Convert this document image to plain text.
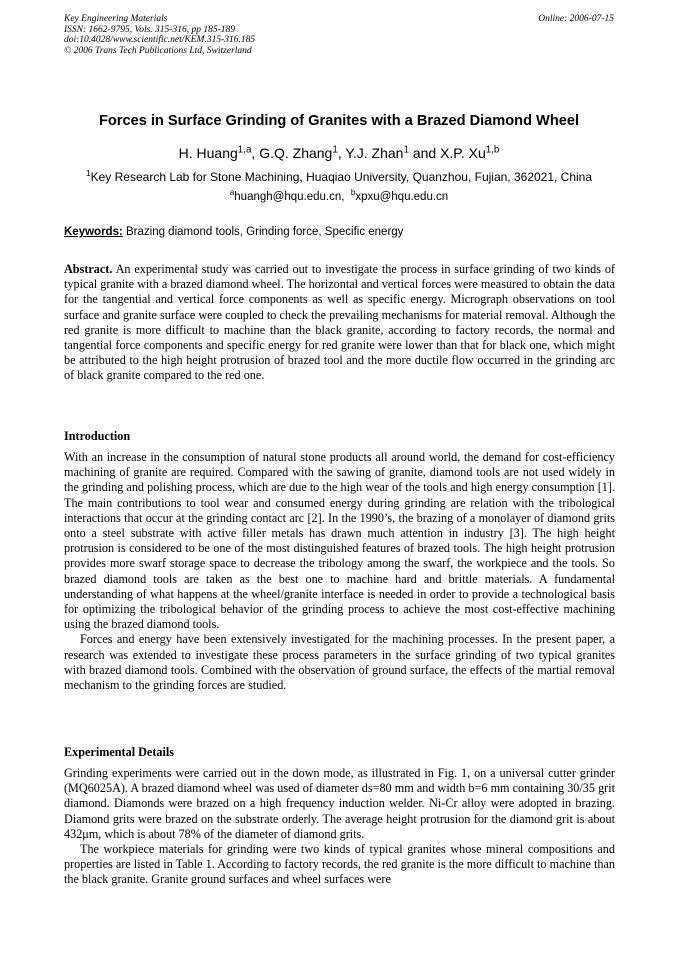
Key Engineering Materials
ISSN: 1662-9795, Vols. 315-316, pp 185-189
doi:10.4028/www.scientific.net/KEM.315-316.185
© 2006 Trans Tech Publications Ltd, Switzerland
Online: 2006-07-15
Forces in Surface Grinding of Granites with a Brazed Diamond Wheel
H. Huang$^{1,a}$, G.Q. Zhang$^1$, Y.J. Zhan$^1$ and X.P. Xu$^{1,b}$
$^1$Key Research Lab for Stone Machining, Huaqiao University, Quanzhou, Fujian, 362021, China
$^a$huangh@hqu.edu.cn, $^b$xpxu@hqu.edu.cn
Keywords: Brazing diamond tools, Grinding force, Specific energy

Abstract. An experimental study was carried out to investigate the process in surface grinding of two kinds of typical granite with a brazed diamond wheel. The horizontal and vertical forces were measured to obtain the data for the tangential and vertical force components as well as specific energy. Micrograph observations on tool surface and granite surface were coupled to check the prevailing mechanisms for material removal. Although the red granite is more difficult to machine than the black granite, according to factory records, the normal and tangential force components and specific energy for red granite were lower than that for black one, which might be attributed to the high height protrusion of brazed tool and the more ductile flow occurred in the grinding arc of black granite compared to the red one.

Introduction

With an increase in the consumption of natural stone products all around world, the demand for cost-efficiency machining of granite are required. Compared with the sawing of granite, diamond tools are not used widely in the grinding and polishing process, which are due to the high wear of the tools and high energy consumption [1]. The main contributions to tool wear and consumed energy during grinding are relation with the tribological interactions that occur at the grinding contact arc [2]. In the 1990’s, the brazing of a monolayer of diamond grits onto a steel substrate with active filler metals has drawn much attention in industry [3]. The high height protrusion is considered to be one of the most distinguished features of brazed tools. The high height protrusion provides more swarf storage space to decrease the tribology among the swarf, the workpiece and the tools. So brazed diamond tools are taken as the best one to machine hard and brittle materials. A fundamental understanding of what happens at the wheel/granite interface is needed in order to provide a technological basis for optimizing the tribological behavior of the grinding process to achieve the most cost-effective machining using the brazed diamond tools.

Forces and energy have been extensively investigated for the machining processes. In the present paper, a research was extended to investigate these process parameters in the surface grinding of two typical granites with brazed diamond tools. Combined with the observation of ground surface, the effects of the martial removal mechanism to the grinding forces are studied.

Experimental Details

Grinding experiments were carried out in the down mode, as illustrated in Fig. 1, on a universal cutter grinder (MQ6025A). A brazed diamond wheel was used of diameter ds=80 mm and width b=6 mm containing 30/35 grit diamond. Diamonds were brazed on a high frequency induction welder. Ni-Cr alloy were adopted in brazing. Diamond grits were brazed on the substrate orderly. The average height protrusion for the diamond grit is about 432μm, which is about 78% of the diameter of diamond grits.

The workpiece materials for grinding were two kinds of typical granites whose mineral compositions and properties are listed in Table 1. According to factory records, the red granite is the more difficult to machine than the black granite. Granite ground surfaces and wheel surfaces were
